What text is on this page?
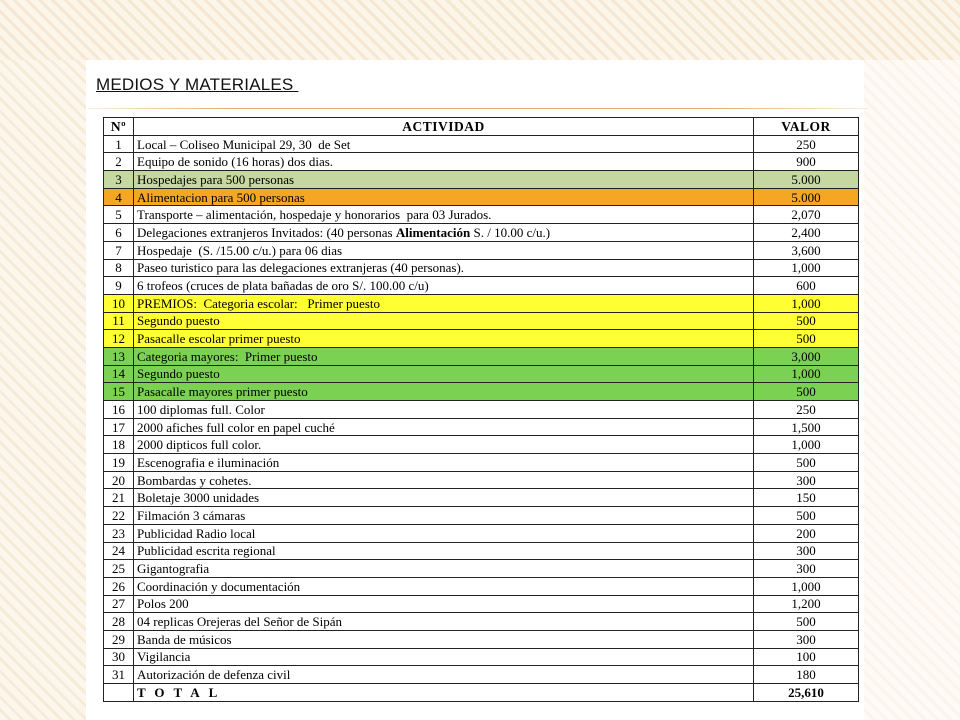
MEDIOS Y MATERIALES
Nº	ACTIVIDAD	VALOR
1	Local – Coliseo Municipal 29, 30  de Set	250
2	Equipo de sonido (16 horas) dos dias.	900
3	Hospedajes para 500 personas	5.000
4	Alimentacion para 500 personas	5.000
5	Transporte – alimentación, hospedaje y honorarios  para 03 Jurados.	2,070
6	Delegaciones extranjeros Invitados: (40 personas Alimentación S. / 10.00 c/u.)	2,400
7	Hospedaje  (S. /15.00 c/u.) para 06 dias	3,600
8	Paseo turistico para las delegaciones extranjeras (40 personas).	1,000
9	6 trofeos (cruces de plata bañadas de oro S/. 100.00 c/u)	600
10	PREMIOS:  Categoria escolar:   Primer puesto	1,000
11	Segundo puesto	500
12	Pasacalle escolar primer puesto	500
13	Categoria mayores:  Primer puesto	3,000
14	Segundo puesto	1,000
15	Pasacalle mayores primer puesto	500
16	100 diplomas full. Color	250
17	2000 afiches full color en papel cuché	1,500
18	2000 dipticos full color.	1,000
19	Escenografia e iluminación	500
20	Bombardas y cohetes.	300
21	Boletaje 3000 unidades	150
22	Filmación 3 cámaras	500
23	Publicidad Radio local	200
24	Publicidad escrita regional	300
25	Gigantografia	300
26	Coordinación y documentación	1,000
27	Polos 200	1,200
28	04 replicas Orejeras del Señor de Sipán	500
29	Banda de músicos	300
30	Vigilancia	100
31	Autorización de defenza civil	180
	TOTAL	25,610
